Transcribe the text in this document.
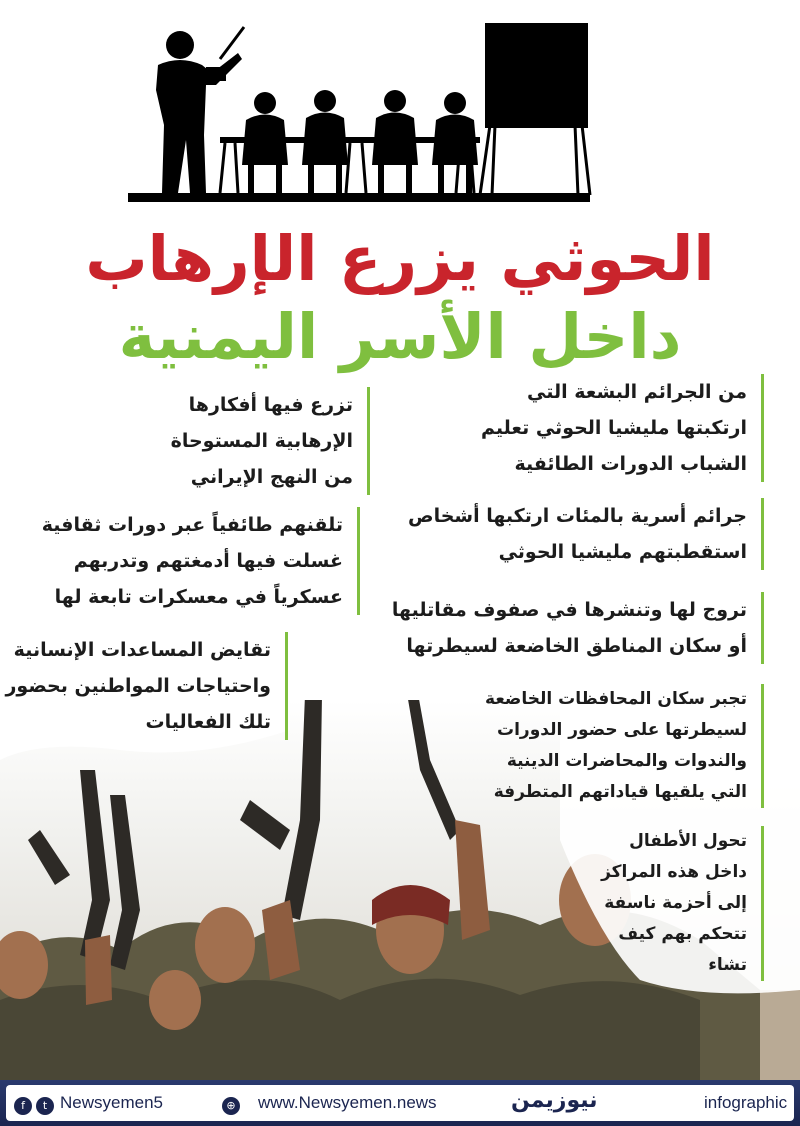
الحوثي يزرع الإرهاب
داخل الأسر اليمنية
من الجرائم البشعة التي
ارتكبتها مليشيا الحوثي تعليم
الشباب الدورات الطائفية
تزرع فيها أفكارها
الإرهابية المستوحاة
من النهج الإيراني
جرائم أسرية بالمئات ارتكبها أشخاص
استقطبتهم مليشيا الحوثي
تلقنهم طائفياً عبر دورات ثقافية
غسلت فيها أدمغتهم وتدربهم
عسكرياً في معسكرات تابعة لها
تروج لها وتنشرها في صفوف مقاتليها
أو سكان المناطق الخاضعة لسيطرتها
تقايض المساعدات الإنسانية
واحتياجات المواطنين بحضور
تلك الفعاليات
تجبر سكان المحافظات الخاضعة
لسيطرتها على حضور الدورات
والندوات والمحاضرات الدينية
التي يلقيها قياداتهم المتطرفة
تحول الأطفال
داخل هذه المراكز
إلى أحزمة ناسفة
تتحكم بهم كيف
تشاء
f	t Newsyemen5	⊕ www.Newsyemen.news	نيوزيمن	infographic
